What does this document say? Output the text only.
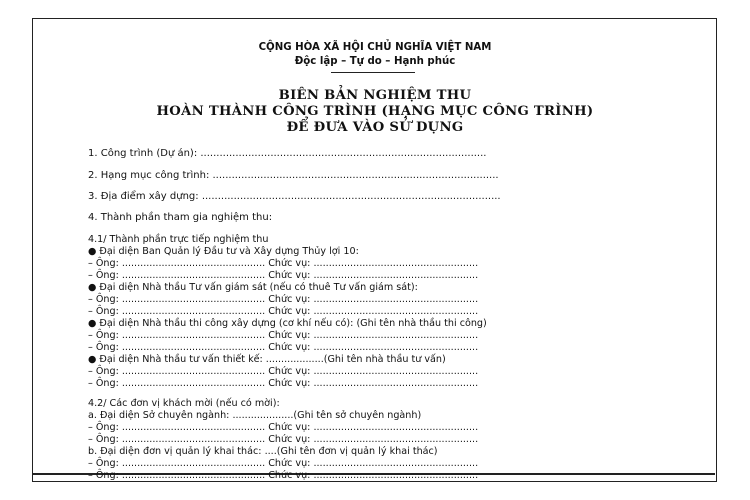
CỘNG HÒA XÃ HỘI CHỦ NGHĨA VIỆT NAM
Độc lập – Tự do – Hạnh phúc
BIÊN BẢN NGHIỆM THU
HOÀN THÀNH CÔNG TRÌNH (HẠNG MỤC CÔNG TRÌNH)
ĐỂ ĐƯA VÀO SỬ DỤNG
1. Công trình (Dự án): ..........................................................................................
2. Hạng mục công trình: ..........................................................................................
3. Địa điểm xây dựng: ..............................................................................................
4. Thành phần tham gia nghiệm thu:
4.1/ Thành phần trực tiếp nghiệm thu
● Đại diện Ban Quản lý Đầu tư và Xây dựng Thủy lợi 10:
– Ông: ............................................... Chức vụ: ......................................................
– Ông: ............................................... Chức vụ: ......................................................
● Đại diện Nhà thầu Tư vấn giám sát (nếu có thuê Tư vấn giám sát):
– Ông: ............................................... Chức vụ: ......................................................
– Ông: ............................................... Chức vụ: ......................................................
● Đại diện Nhà thầu thi công xây dựng (cơ khí nếu có): (Ghi tên nhà thầu thi công)
– Ông: ............................................... Chức vụ: ......................................................
– Ông: ............................................... Chức vụ: ......................................................
● Đại diện Nhà thầu tư vấn thiết kế: ...................(Ghi tên nhà thầu tư vấn)
– Ông: ............................................... Chức vụ: ......................................................
– Ông: ............................................... Chức vụ: ......................................................
4.2/ Các đơn vị khách mời (nếu có mời):
a. Đại diện Sở chuyên ngành: ....................(Ghi tên sở chuyên ngành)
– Ông: ............................................... Chức vụ: ......................................................
– Ông: ............................................... Chức vụ: ......................................................
b. Đại diện đơn vị quản lý khai thác: ....(Ghi tên đơn vị quản lý khai thác)
– Ông: ............................................... Chức vụ: ......................................................
– Ông: ............................................... Chức vụ: ......................................................
